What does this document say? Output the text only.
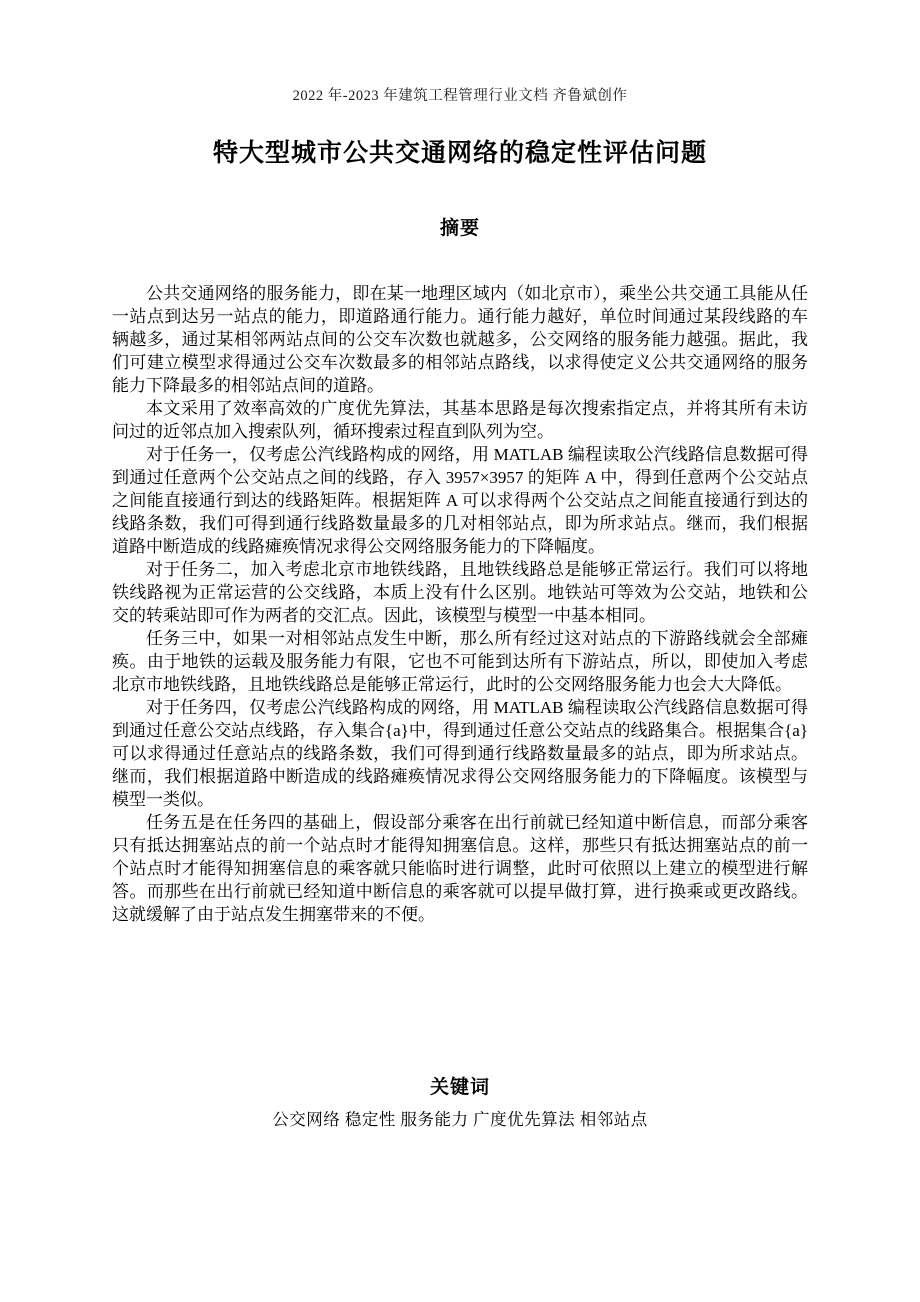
2022 年-2023 年建筑工程管理行业文档 齐鲁斌创作
特大型城市公共交通网络的稳定性评估问题
摘要

公共交通网络的服务能力，即在某一地理区域内（如北京市），乘坐公共交通工具能从任一站点到达另一站点的能力，即道路通行能力。通行能力越好，单位时间通过某段线路的车辆越多，通过某相邻两站点间的公交车次数也就越多，公交网络的服务能力越强。据此，我们可建立模型求得通过公交车次数最多的相邻站点路线，以求得使定义公共交通网络的服务能力下降最多的相邻站点间的道路。

本文采用了效率高效的广度优先算法，其基本思路是每次搜索指定点，并将其所有未访问过的近邻点加入搜索队列，循环搜索过程直到队列为空。

对于任务一，仅考虑公汽线路构成的网络，用 MATLAB 编程读取公汽线路信息数据可得到通过任意两个公交站点之间的线路，存入 3957×3957 的矩阵 A 中，得到任意两个公交站点之间能直接通行到达的线路矩阵。根据矩阵 A 可以求得两个公交站点之间能直接通行到达的线路条数，我们可得到通行线路数量最多的几对相邻站点，即为所求站点。继而，我们根据道路中断造成的线路瘫痪情况求得公交网络服务能力的下降幅度。

对于任务二，加入考虑北京市地铁线路，且地铁线路总是能够正常运行。我们可以将地铁线路视为正常运营的公交线路，本质上没有什么区别。地铁站可等效为公交站，地铁和公交的转乘站即可作为两者的交汇点。因此，该模型与模型一中基本相同。

任务三中，如果一对相邻站点发生中断，那么所有经过这对站点的下游路线就会全部瘫痪。由于地铁的运载及服务能力有限，它也不可能到达所有下游站点，所以，即使加入考虑北京市地铁线路，且地铁线路总是能够正常运行，此时的公交网络服务能力也会大大降低。

对于任务四，仅考虑公汽线路构成的网络，用 MATLAB 编程读取公汽线路信息数据可得到通过任意公交站点线路，存入集合{a}中，得到通过任意公交站点的线路集合。根据集合{a}可以求得通过任意站点的线路条数，我们可得到通行线路数量最多的站点，即为所求站点。继而，我们根据道路中断造成的线路瘫痪情况求得公交网络服务能力的下降幅度。该模型与模型一类似。

任务五是在任务四的基础上，假设部分乘客在出行前就已经知道中断信息，而部分乘客只有抵达拥塞站点的前一个站点时才能得知拥塞信息。这样，那些只有抵达拥塞站点的前一个站点时才能得知拥塞信息的乘客就只能临时进行调整，此时可依照以上建立的模型进行解答。而那些在出行前就已经知道中断信息的乘客就可以提早做打算，进行换乘或更改路线。这就缓解了由于站点发生拥塞带来的不便。

关键词
公交网络 稳定性 服务能力 广度优先算法 相邻站点
